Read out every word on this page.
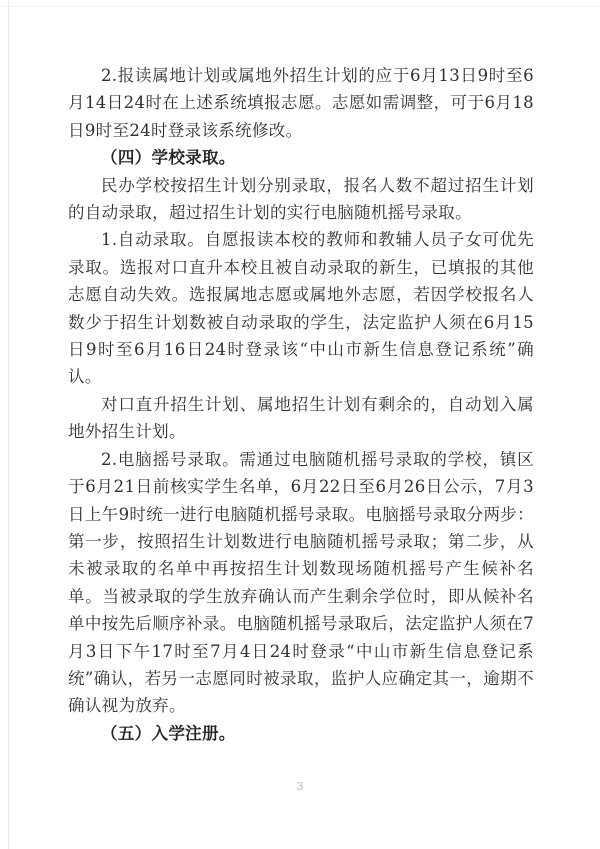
2.报读属地计划或属地外招生计划的应于6月13日9时至6月14日24时在上述系统填报志愿。志愿如需调整，可于6月18日9时至24时登录该系统修改。

（四）学校录取。

民办学校按招生计划分别录取，报名人数不超过招生计划的自动录取，超过招生计划的实行电脑随机摇号录取。

1.自动录取。自愿报读本校的教师和教辅人员子女可优先录取。选报对口直升本校且被自动录取的新生，已填报的其他志愿自动失效。选报属地志愿或属地外志愿，若因学校报名人数少于招生计划数被自动录取的学生，法定监护人须在6月15日9时至6月16日24时登录该“中山市新生信息登记系统”确认。

对口直升招生计划、属地招生计划有剩余的，自动划入属地外招生计划。

2.电脑摇号录取。需通过电脑随机摇号录取的学校，镇区于6月21日前核实学生名单，6月22日至6月26日公示，7月3日上午9时统一进行电脑随机摇号录取。电脑摇号录取分两步：第一步，按照招生计划数进行电脑随机摇号录取；第二步，从未被录取的名单中再按招生计划数现场随机摇号产生候补名单。当被录取的学生放弃确认而产生剩余学位时，即从候补名单中按先后顺序补录。电脑随机摇号录取后，法定监护人须在7月3日下午17时至7月4日24时登录“中山市新生信息登记系统”确认，若另一志愿同时被录取，监护人应确定其一，逾期不确认视为放弃。

（五）入学注册。

3
